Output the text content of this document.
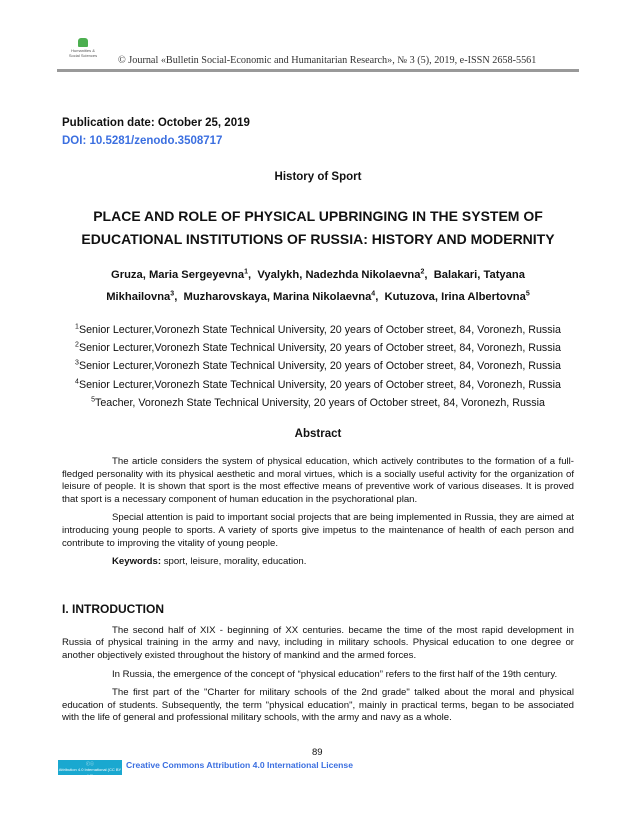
Humanities & Social Sciences © Journal «Bulletin Social-Economic and Humanitarian Research», № 3 (5), 2019, e-ISSN 2658-5561
Publication date: October 25, 2019
DOI: 10.5281/zenodo.3508717
History of Sport
PLACE AND ROLE OF PHYSICAL UPBRINGING IN THE SYSTEM OF
EDUCATIONAL INSTITUTIONS OF RUSSIA: HISTORY AND MODERNITY
Gruza, Maria Sergeyevna$^1$,  Vyalykh, Nadezhda Nikolaevna$^2$,  Balakari, Tatyana
Mikhailovna$^3$,  Muzharovskaya, Marina Nikolaevna$^4$,  Kutuzova, Irina Albertovna$^5$
$^1$Senior Lecturer,Voronezh State Technical University, 20 years of October street, 84, Voronezh, Russia
$^2$Senior Lecturer,Voronezh State Technical University, 20 years of October street, 84, Voronezh, Russia
$^3$Senior Lecturer,Voronezh State Technical University, 20 years of October street, 84, Voronezh, Russia
$^4$Senior Lecturer,Voronezh State Technical University, 20 years of October street, 84, Voronezh, Russia
$^5$Teacher, Voronezh State Technical University, 20 years of October street, 84, Voronezh, Russia
Abstract

The article considers the system of physical education, which actively contributes to the formation of a full-fledged personality with its physical aesthetic and moral virtues, which is a socially useful activity for the organization of leisure of people. It is shown that sport is the most effective means of preventive work of various diseases. It is proved that sport is a necessary component of human education in the psychorational plan.

Special attention is paid to important social projects that are being implemented in Russia, they are aimed at introducing young people to sports. A variety of sports give impetus to the maintenance of health of each person and contribute to improving the vitality of young people.

Keywords: sport, leisure, morality, education.
I. INTRODUCTION

The second half of XIX - beginning of XX centuries. became the time of the most rapid development in Russia of physical training in the army and navy, including in military schools. Physical education to one degree or another objectively existed throughout the history of mankind and the armed forces.

In Russia, the emergence of the concept of “physical education” refers to the first half of the 19th century.

The first part of the "Charter for military schools of the 2nd grade" talked about the moral and physical education of students. Subsequently, the term "physical education", mainly in practical terms, began to be associated with the life of general and professional military schools, with the army and navy as a whole.

89
ⓒⓘ
Attribution 4.0 International (CC BY 4.0)
Creative Commons Attribution 4.0 International License
